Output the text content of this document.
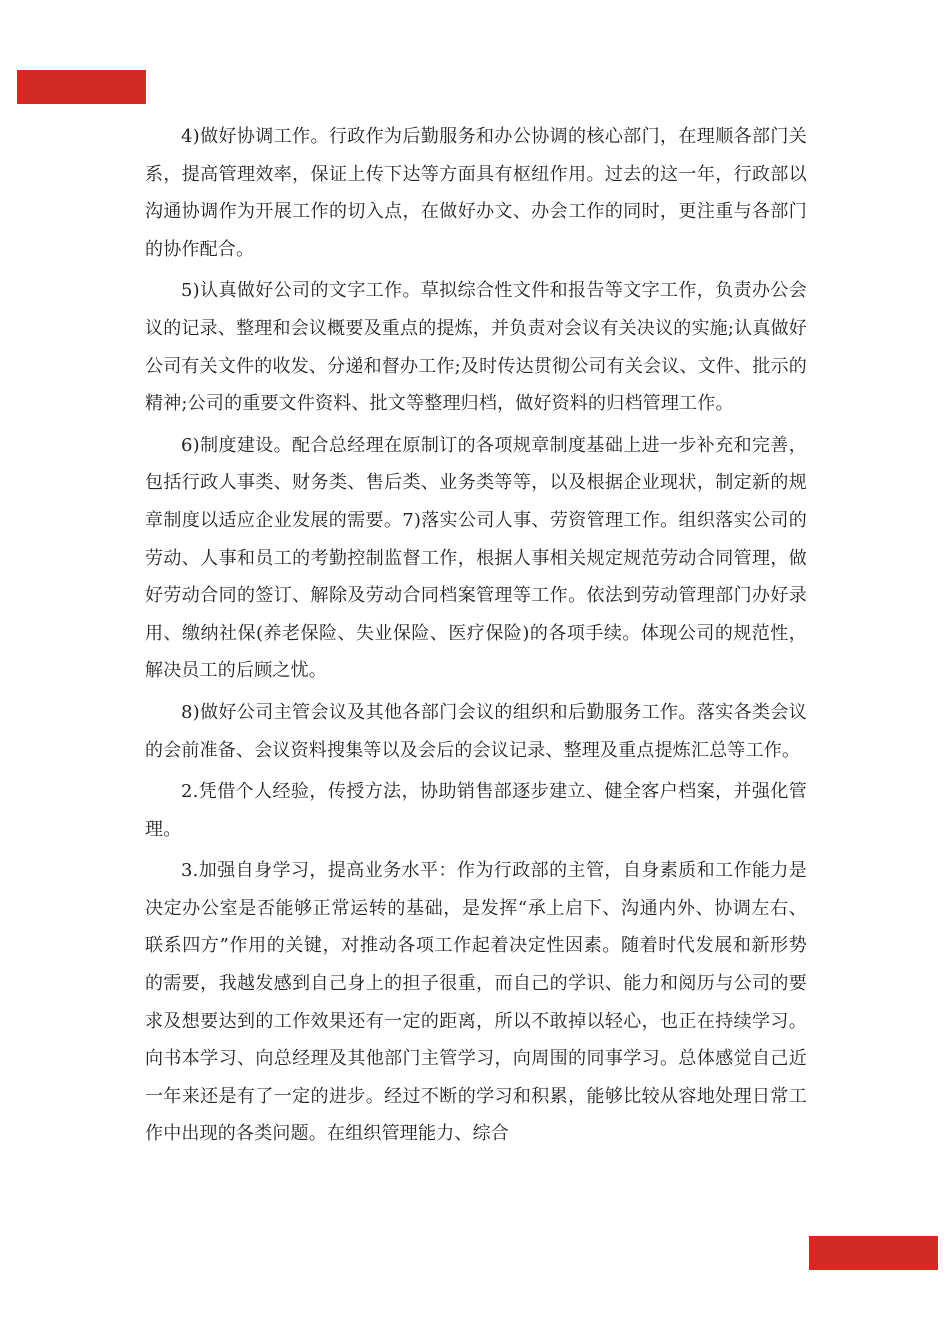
4)做好协调工作。行政作为后勤服务和办公协调的核心部门，在理顺各部门关系，提高管理效率，保证上传下达等方面具有枢纽作用。过去的这一年，行政部以沟通协调作为开展工作的切入点，在做好办文、办会工作的同时，更注重与各部门的协作配合。

5)认真做好公司的文字工作。草拟综合性文件和报告等文字工作，负责办公会议的记录、整理和会议概要及重点的提炼，并负责对会议有关决议的实施;认真做好公司有关文件的收发、分递和督办工作;及时传达贯彻公司有关会议、文件、批示的精神;公司的重要文件资料、批文等整理归档，做好资料的归档管理工作。

6)制度建设。配合总经理在原制订的各项规章制度基础上进一步补充和完善，包括行政人事类、财务类、售后类、业务类等等，以及根据企业现状，制定新的规章制度以适应企业发展的需要。7)落实公司人事、劳资管理工作。组织落实公司的劳动、人事和员工的考勤控制监督工作，根据人事相关规定规范劳动合同管理，做好劳动合同的签订、解除及劳动合同档案管理等工作。依法到劳动管理部门办好录用、缴纳社保(养老保险、失业保险、医疗保险)的各项手续。体现公司的规范性，解决员工的后顾之忧。

8)做好公司主管会议及其他各部门会议的组织和后勤服务工作。落实各类会议的会前准备、会议资料搜集等以及会后的会议记录、整理及重点提炼汇总等工作。

2.凭借个人经验，传授方法，协助销售部逐步建立、健全客户档案，并强化管理。

3.加强自身学习，提高业务水平：作为行政部的主管，自身素质和工作能力是决定办公室是否能够正常运转的基础，是发挥“承上启下、沟通内外、协调左右、联系四方”作用的关键，对推动各项工作起着决定性因素。随着时代发展和新形势的需要，我越发感到自己身上的担子很重，而自己的学识、能力和阅历与公司的要求及想要达到的工作效果还有一定的距离，所以不敢掉以轻心，也正在持续学习。向书本学习、向总经理及其他部门主管学习，向周围的同事学习。总体感觉自己近一年来还是有了一定的进步。经过不断的学习和积累，能够比较从容地处理日常工作中出现的各类问题。在组织管理能力、综合
